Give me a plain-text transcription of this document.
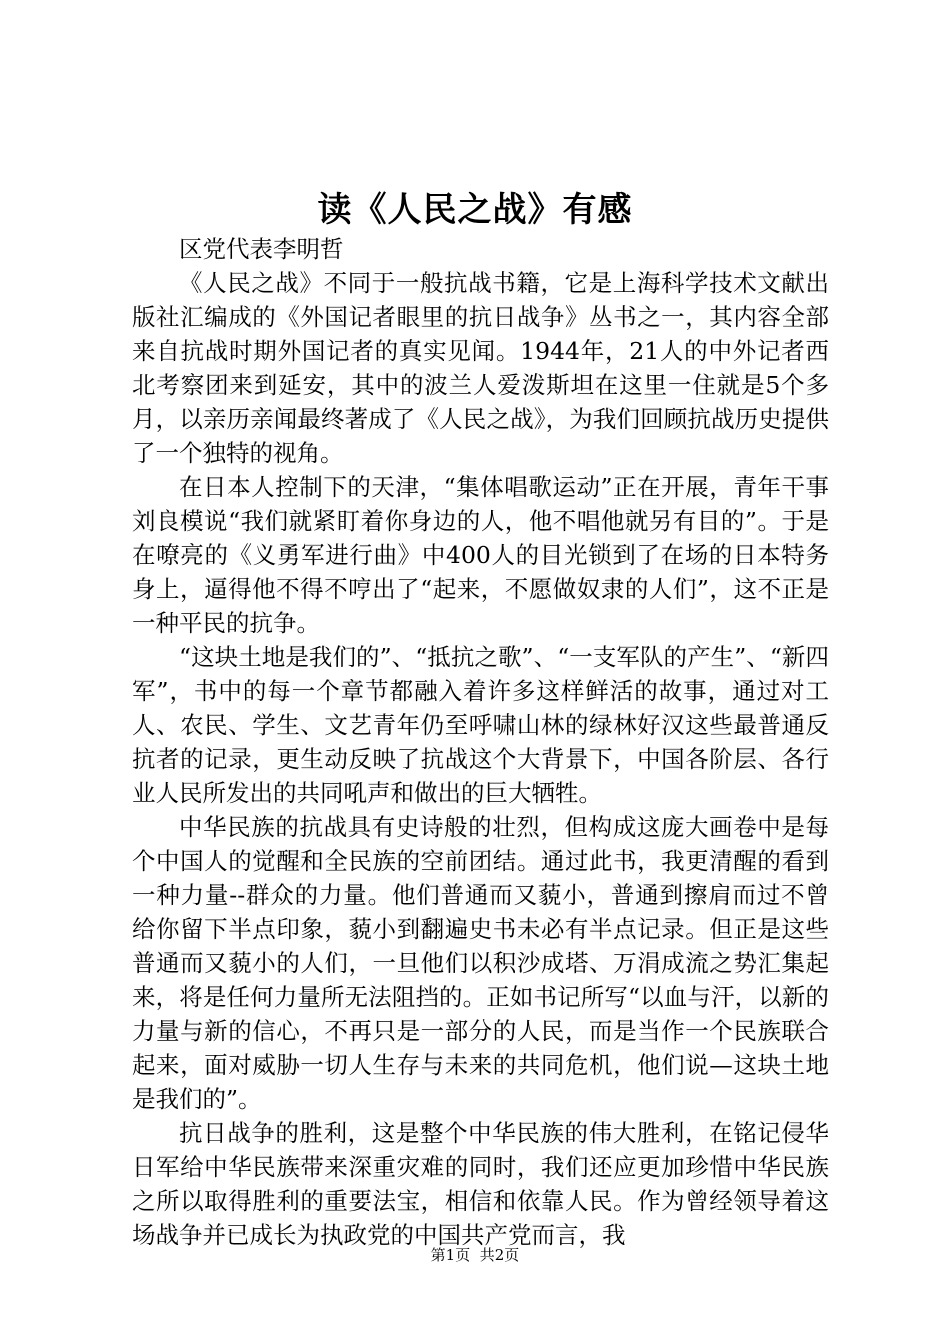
读《人民之战》有感

区党代表李明哲

《人民之战》不同于一般抗战书籍，它是上海科学技术文献出版社汇编成的《外国记者眼里的抗日战争》丛书之一，其内容全部来自抗战时期外国记者的真实见闻。1944年，21人的中外记者西北考察团来到延安，其中的波兰人爱泼斯坦在这里一住就是5个多月，以亲历亲闻最终著成了《人民之战》，为我们回顾抗战历史提供了一个独特的视角。

在日本人控制下的天津，“集体唱歌运动”正在开展，青年干事刘良模说“我们就紧盯着你身边的人，他不唱他就另有目的”。于是在嘹亮的《义勇军进行曲》中400人的目光锁到了在场的日本特务身上，逼得他不得不哼出了“起来，不愿做奴隶的人们”，这不正是一种平民的抗争。

“这块土地是我们的”、“抵抗之歌”、“一支军队的产生”、“新四军”，书中的每一个章节都融入着许多这样鲜活的故事，通过对工人、农民、学生、文艺青年仍至呼啸山林的绿林好汉这些最普通反抗者的记录，更生动反映了抗战这个大背景下，中国各阶层、各行业人民所发出的共同吼声和做出的巨大牺牲。

中华民族的抗战具有史诗般的壮烈，但构成这庞大画卷中是每个中国人的觉醒和全民族的空前团结。通过此书，我更清醒的看到一种力量--群众的力量。他们普通而又藐小，普通到擦肩而过不曾给你留下半点印象，藐小到翻遍史书未必有半点记录。但正是这些普通而又藐小的人们，一旦他们以积沙成塔、万涓成流之势汇集起来，将是任何力量所无法阻挡的。正如书记所写“以血与汗，以新的力量与新的信心，不再只是一部分的人民，而是当作一个民族联合起来，面对威胁一切人生存与未来的共同危机，他们说—这块土地是我们的”。

抗日战争的胜利，这是整个中华民族的伟大胜利，在铭记侵华日军给中华民族带来深重灾难的同时，我们还应更加珍惜中华民族之所以取得胜利的重要法宝，相信和依靠人民。作为曾经领导着这场战争并已成长为执政党的中国共产党而言，我

第1页 共2页
